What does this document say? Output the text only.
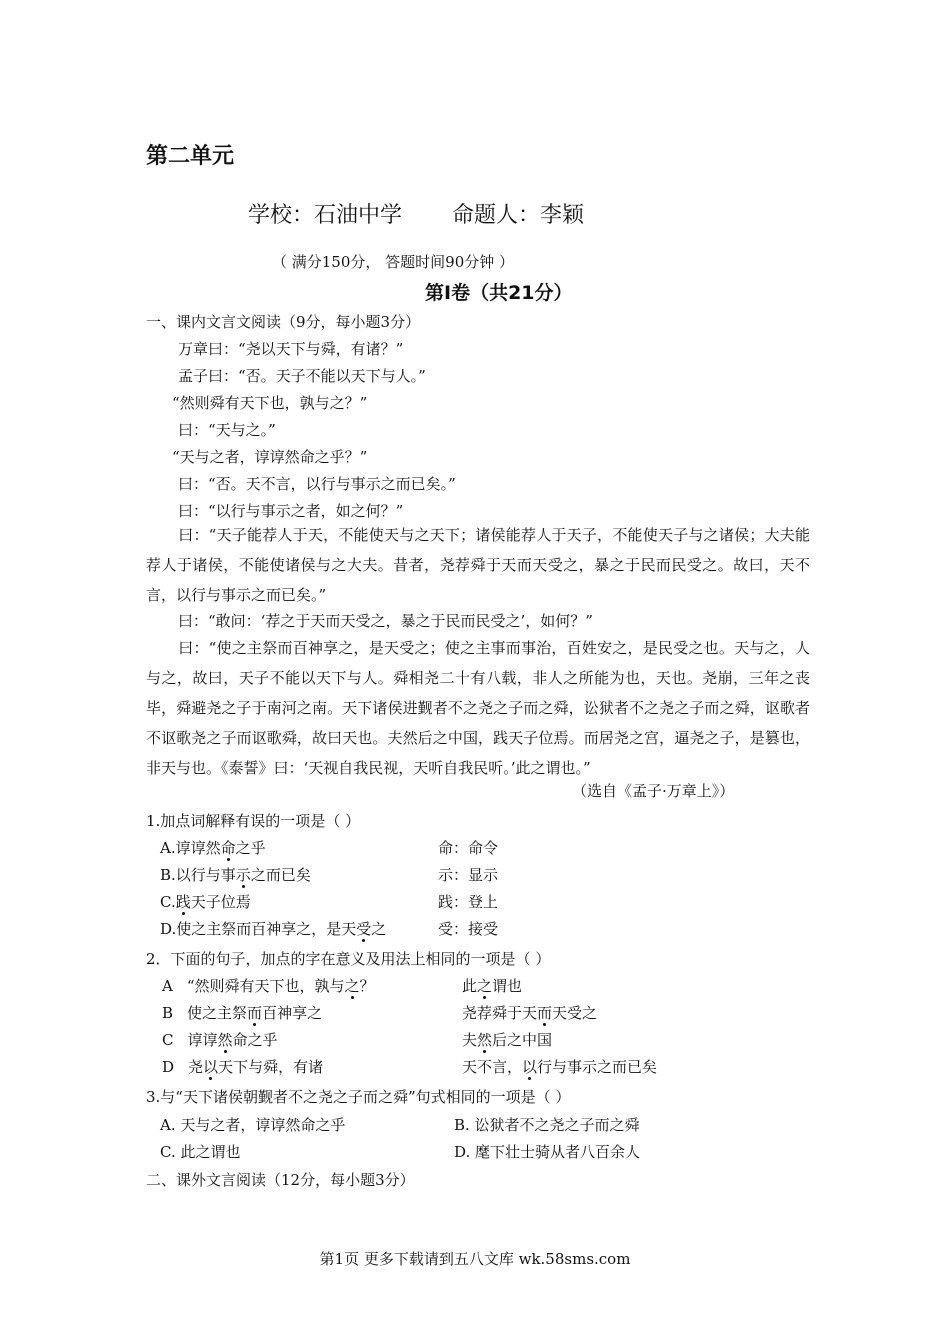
第二单元
学校：石油中学 命题人：李颖
（ 满分150分， 答题时间90分钟 ）
第Ⅰ卷（共21分）
一、课内文言文阅读（9分，每小题3分）
万章曰：“尧以天下与舜，有诸？”
孟子曰：“否。天子不能以天下与人。”
“然则舜有天下也，孰与之？”
曰：“天与之。”
“天与之者，谆谆然命之乎？”
曰：“否。天不言，以行与事示之而已矣。”
曰：“以行与事示之者，如之何？”
曰：“天子能荐人于天，不能使天与之天下；诸侯能荐人于天子，不能使天子与之诸侯；大夫能荐人于诸侯，不能使诸侯与之大夫。昔者，尧荐舜于天而天受之，暴之于民而民受之。故曰，天不言，以行与事示之而已矣。”
曰：“敢问：‘荐之于天而天受之，暴之于民而民受之’，如何？”
曰：“使之主祭而百神享之，是天受之；使之主事而事治，百姓安之，是民受之也。天与之，人与之，故曰，天子不能以天下与人。舜相尧二十有八载，非人之所能为也，天也。尧崩，三年之丧毕，舜避尧之子于南河之南。天下诸侯进觐者不之尧之子而之舜，讼狱者不之尧之子而之舜，讴歌者不讴歌尧之子而讴歌舜，故曰天也。夫然后之中国，践天子位焉。而居尧之宫，逼尧之子，是篡也，非天与也。《泰誓》曰：‘天视自我民视，天听自我民听。’此之谓也。”
（选自《孟子·万章上》）
1.加点词解释有误的一项是（ ）
A.谆谆然命之乎	命：命令
B.以行与事示之而已矣	示：显示
C.践天子位焉	践：登上
D.使之主祭而百神享之，是天受之	受：接受
2．下面的句子，加点的字在意义及用法上相同的一项是（ ）
A “然则舜有天下也，孰与之？	此之谓也
B 使之主祭而百神享之	尧荐舜于天而天受之
C 谆谆然命之乎	夫然后之中国
D 尧以天下与舜，有诸	天不言，以行与事示之而已矣
3.与“天下诸侯朝觐者不之尧之子而之舜”句式相同的一项是（ ）
A. 天与之者，谆谆然命之乎	B. 讼狱者不之尧之子而之舜
C. 此之谓也	D. 麾下壮士骑从者八百余人
二、课外文言阅读（12分，每小题3分）
第1页 更多下载请到五八文库 wk.58sms.com
